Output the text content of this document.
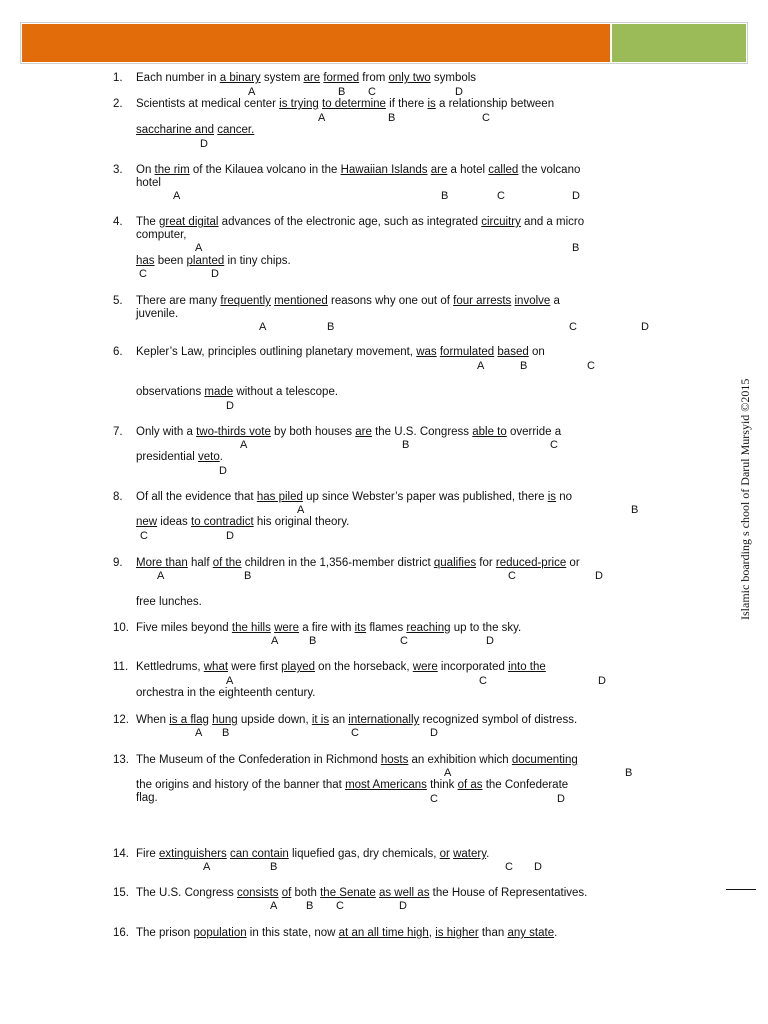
1. Each number in a binary system are formed from only two symbols
A	B C	D
2. Scientists at medical center is trying to determine if there is a relationship between
saccharine and cancer.
A	B	C
D
3. On the rim of the Kilauea volcano in the Hawaiian Islands are a hotel called the volcano
hotel
A	B	C	D
4. The great digital advances of the electronic age, such as integrated circuitry and a micro
computer,
has been planted in tiny chips.
A	B
C	D
5. There are many frequently mentioned reasons why one out of four arrests involve a
juvenile.
A	B	C	D
6. Kepler’s Law, principles outlining planetary movement, was formulated based on
observations made without a telescope.
A	B	C
D
7. Only with a two-thirds vote by both houses are the U.S. Congress able to override a
presidential veto.
A	B	C
D
8. Of all the evidence that has piled up since Webster’s paper was published, there is no
new ideas to contradict his original theory.
A	B
C	D
9. More than half of the children in the 1,356-member district qualifies for reduced-price or
free lunches.
A	B	C	D
10. Five miles beyond the hills were a fire with its flames reaching up to the sky.
A	B	C	D
11. Kettledrums, what were first played on the horseback, were incorporated into the
orchestra in the eighteenth century.
A	C	D
12. When is a flag hung upside down, it is an internationally recognized symbol of distress.
A B	C	D
13. The Museum of the Confederation in Richmond hosts an exhibition which documenting
the origins and history of the banner that most Americans think of as the Confederate
flag.
A	B
C	D
14. Fire extinguishers can contain liquefied gas, dry chemicals, or watery.
A	B	C D
15. The U.S. Congress consists of both the Senate as well as the House of Representatives.
A	B C	D
16. The prison population in this state, now at an all time high, is higher than any state.
Islamic boarding s chool of Darul Mursyid ©2015
